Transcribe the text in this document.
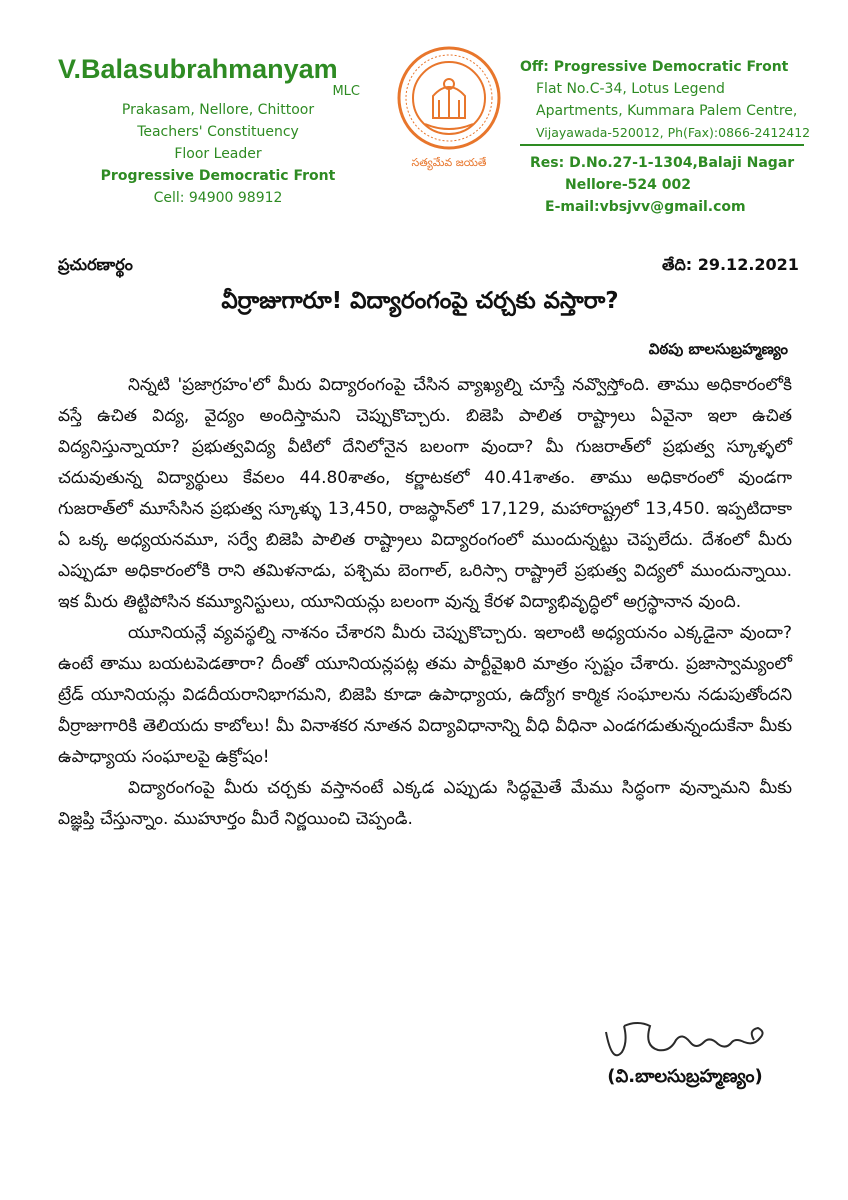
V.Balasubrahmanyam
MLC
Prakasam, Nellore, Chittoor
Teachers' Constituency
Floor Leader
Progressive Democratic Front
Cell: 94900 98912
సత్యమేవ జయతే
Off: Progressive Democratic Front
Flat No.C-34, Lotus Legend
Apartments, Kummara Palem Centre,
Vijayawada-520012, Ph(Fax):0866-2412412
Res: D.No.27-1-1304,Balaji Nagar
Nellore-524 002
E-mail:vbsjvv@gmail.com
ప్రచురణార్థం	తేది: 29.12.2021
వీర్రాజుగారూ! విద్యారంగంపై చర్చకు వస్తారా?
విఠపు బాలసుబ్రహ్మణ్యం

నిన్నటి 'ప్రజాగ్రహం'లో మీరు విద్యారంగంపై చేసిన వ్యాఖ్యల్ని చూస్తే నవ్వొస్తోంది. తాము అధికారంలోకి వస్తే ఉచిత విద్య, వైద్యం అందిస్తామని చెప్పుకొచ్చారు. బిజెపి పాలిత రాష్ట్రాలు ఏవైనా ఇలా ఉచిత విద్యనిస్తున్నాయా? ప్రభుత్వవిద్య వీటిలో దేనిలోనైన బలంగా వుందా? మీ గుజరాత్‌లో ప్రభుత్వ స్కూళ్ళలో చదువుతున్న విద్యార్థులు కేవలం 44.80శాతం, కర్ణాటకలో 40.41శాతం. తాము అధికారంలో వుండగా గుజరాత్‌లో మూసేసిన ప్రభుత్వ స్కూళ్ళు 13,450, రాజస్థాన్‌లో 17,129, మహారాష్ట్రలో 13,450. ఇప్పటిదాకా ఏ ఒక్క అధ్యయనమూ, సర్వే బిజెపి పాలిత రాష్ట్రాలు విద్యారంగంలో ముందున్నట్టు చెప్పలేదు. దేశంలో మీరు ఎప్పుడూ అధికారంలోకి రాని తమిళనాడు, పశ్చిమ బెంగాల్, ఒరిస్సా రాష్ట్రాలే ప్రభుత్వ విద్యలో ముందున్నాయి. ఇక మీరు తిట్టిపోసిన కమ్యూనిస్టులు, యూనియన్లు బలంగా వున్న కేరళ విద్యాభివృద్ధిలో అగ్రస్థానాన వుంది.

యూనియన్లే వ్యవస్థల్ని నాశనం చేశారని మీరు చెప్పుకొచ్చారు. ఇలాంటి అధ్యయనం ఎక్కడైనా వుందా? ఉంటే తాము బయటపెడతారా? దీంతో యూనియన్లపట్ల తమ పార్టీవైఖరి మాత్రం స్పష్టం చేశారు. ప్రజాస్వామ్యంలో ట్రేడ్ యూనియన్లు విడదీయరానిభాగమని, బిజెపి కూడా ఉపాధ్యాయ, ఉద్యోగ కార్మిక సంఘాలను నడుపుతోందని వీర్రాజుగారికి తెలియదు కాబోలు! మీ వినాశకర నూతన విద్యావిధానాన్ని వీధి వీధినా ఎండగడుతున్నందుకేనా మీకు ఉపాధ్యాయ సంఘాలపై ఉక్రోషం!

విద్యారంగంపై మీరు చర్చకు వస్తానంటే ఎక్కడ ఎప్పుడు సిద్ధమైతే మేము సిద్ధంగా వున్నామని మీకు విజ్ఞప్తి చేస్తున్నాం. ముహూర్తం మీరే నిర్ణయించి చెప్పండి.

(వి.బాలసుబ్రహ్మణ్యం)
